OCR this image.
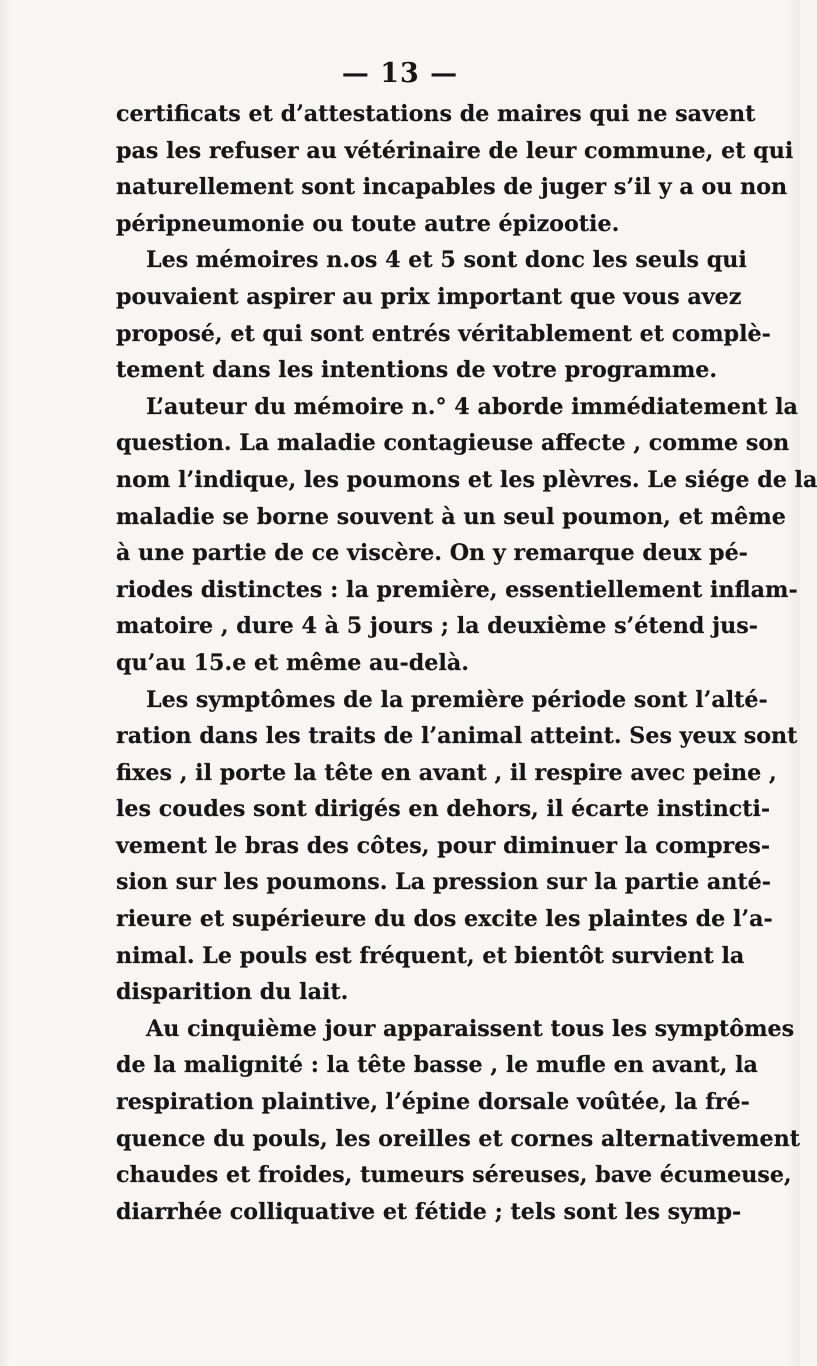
— 13 —

certificats et d’attestations de maires qui ne savent
pas les refuser au vétérinaire de leur commune, et qui
naturellement sont incapables de juger s’il y a ou non
péripneumonie ou toute autre épizootie.

Les mémoires n.os 4 et 5 sont donc les seuls qui
pouvaient aspirer au prix important que vous avez
proposé, et qui sont entrés véritablement et complè-
tement dans les intentions de votre programme.

L’auteur du mémoire n.° 4 aborde immédiatement la
question. La maladie contagieuse affecte , comme son
nom l’indique, les poumons et les plèvres. Le siége de la
maladie se borne souvent à un seul poumon, et même
à une partie de ce viscère. On y remarque deux pé-
riodes distinctes : la première, essentiellement inflam-
matoire , dure 4 à 5 jours ; la deuxième s’étend jus-
qu’au 15.e et même au-delà.

Les symptômes de la première période sont l’alté-
ration dans les traits de l’animal atteint. Ses yeux sont
fixes , il porte la tête en avant , il respire avec peine ,
les coudes sont dirigés en dehors, il écarte instincti-
vement le bras des côtes, pour diminuer la compres-
sion sur les poumons. La pression sur la partie anté-
rieure et supérieure du dos excite les plaintes de l’a-
nimal. Le pouls est fréquent, et bientôt survient la
disparition du lait.

Au cinquième jour apparaissent tous les symptômes
de la malignité : la tête basse , le mufle en avant, la
respiration plaintive, l’épine dorsale voûtée, la fré-
quence du pouls, les oreilles et cornes alternativement
chaudes et froides, tumeurs séreuses, bave écumeuse,
diarrhée colliquative et fétide ; tels sont les symp-
